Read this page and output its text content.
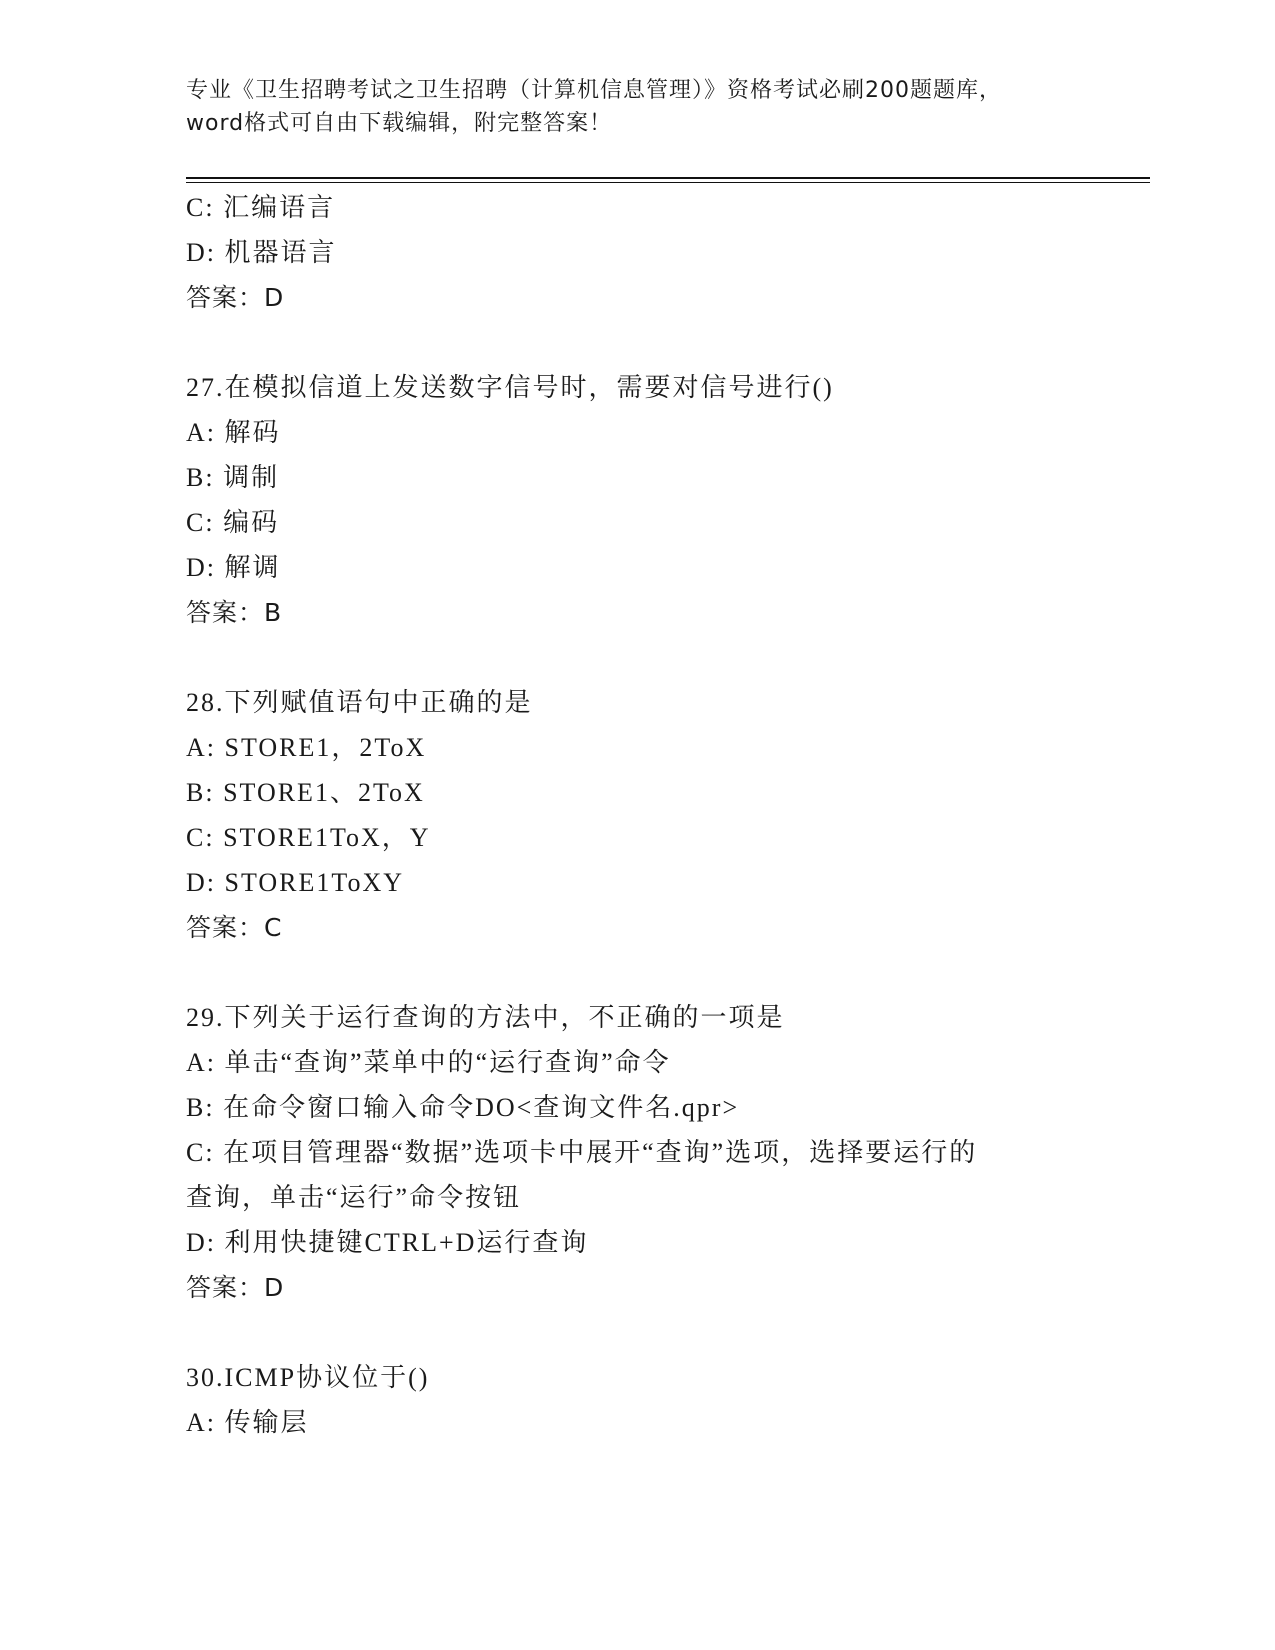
专业《卫生招聘考试之卫生招聘（计算机信息管理）》资格考试必刷200题题库，
word格式可自由下载编辑，附完整答案！
C: 汇编语言
D: 机器语言
答案：D
27.在模拟信道上发送数字信号时，需要对信号进行()
A: 解码
B: 调制
C: 编码
D: 解调
答案：B
28.下列赋值语句中正确的是
A: STORE1，2ToX
B: STORE1、2ToX
C: STORE1ToX，Y
D: STORE1ToXY
答案：C
29.下列关于运行查询的方法中，不正确的一项是
A: 单击“查询”菜单中的“运行查询”命令
B: 在命令窗口输入命令DO<查询文件名.qpr>
C: 在项目管理器“数据”选项卡中展开“查询”选项，选择要运行的
查询，单击“运行”命令按钮
D: 利用快捷键CTRL+D运行查询
答案：D
30.ICMP协议位于()
A: 传输层
